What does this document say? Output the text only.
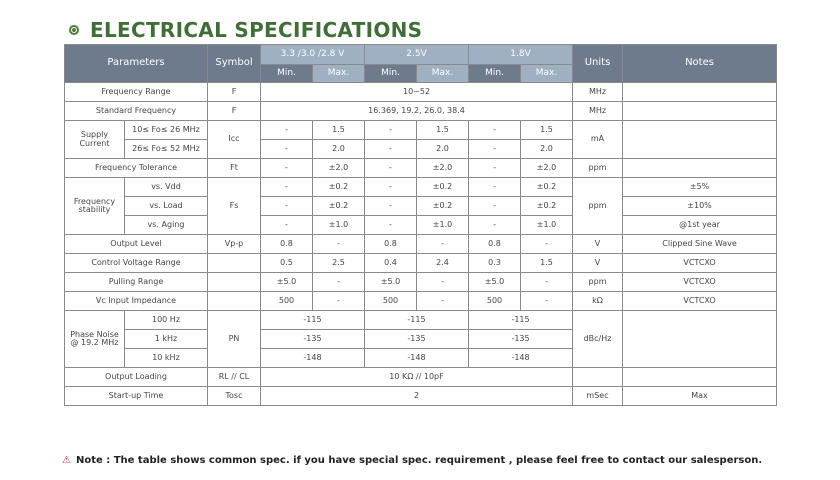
ELECTRICAL SPECIFICATIONS
Parameters		Symbol	3.3 /3.0 /2.8 V		2.5V		1.8V		Units	Notes
			Min.	Max.	Min.	Max.	Min.	Max.		
Frequency Range		F	10~52						MHz	
Standard Frequency		F	16.369, 19.2, 26.0, 38.4						MHz	
Supply Current	10≤ Fo≤ 26 MHz	Icc	-	1.5	-	1.5	-	1.5	mA	
	26≤ Fo≤ 52 MHz		-	2.0	-	2.0	-	2.0		
Frequency Tolerance		Ft	-	±2.0	-	±2.0	-	±2.0	ppm	
Frequency stability	vs. Vdd	Fs	-	±0.2	-	±0.2	-	±0.2	ppm	±5%
	vs. Load		-	±0.2	-	±0.2	-	±0.2		±10%
	vs. Aging		-	±1.0	-	±1.0	-	±1.0		@1st year
Output Level		Vp-p	0.8	-	0.8	-	0.8	-	V	Clipped Sine Wave
Control Voltage Range			0.5	2.5	0.4	2.4	0.3	1.5	V	VCTCXO
Pulling Range			±5.0	-	±5.0	-	±5.0	-	ppm	VCTCXO
Vc Input Impedance			500	-	500	-	500	-	kΩ	VCTCXO
Phase Noise @ 19.2 MHz	100 Hz	PN	-115		-115		-115		dBc/Hz	
	1 kHz		-135		-135		-135			
	10 kHz		-148		-148		-148			
Output Loading		RL // CL	10 KΩ // 10pF							
Start-up Time		Tosc	2						mSec	Max
⚠ Note : The table shows common spec. if you have special spec. requirement , please feel free to contact our salesperson.
